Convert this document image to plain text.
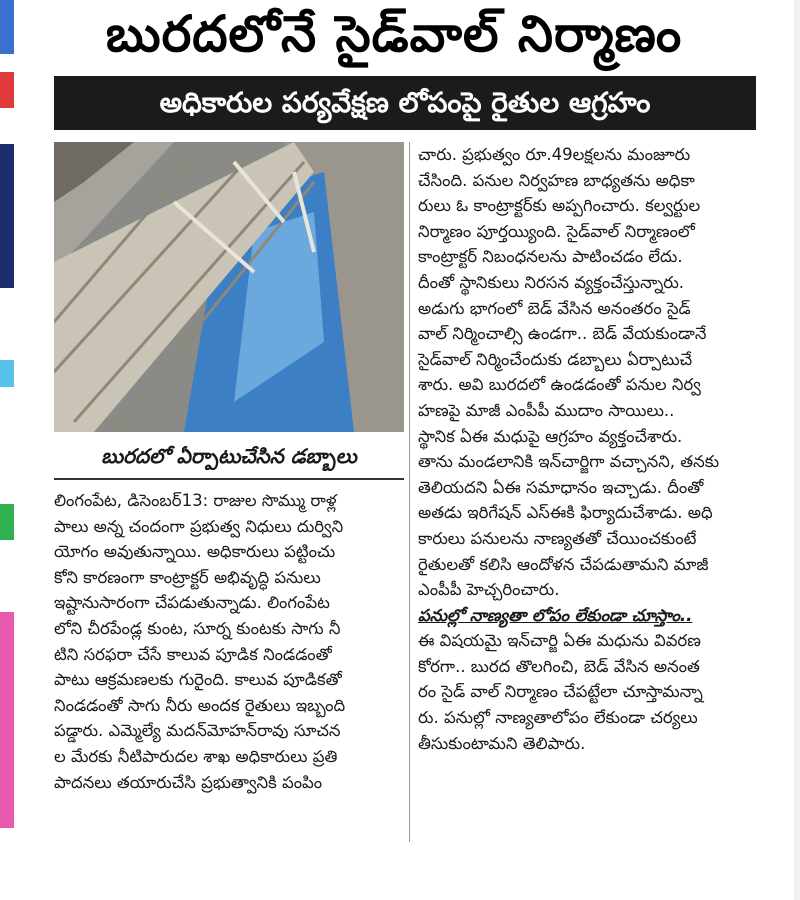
బురదలోనే సైడ్‌వాల్ నిర్మాణం
అధికారుల పర్యవేక్షణ లోపంపై రైతుల ఆగ్రహం
బురదలో ఏర్పాటుచేసిన డబ్బాలు
లింగంపేట, డిసెంబర్13: రాజుల సొమ్ము రాళ్ల
పాలు అన్న చందంగా ప్రభుత్వ నిధులు దుర్విని
యోగం అవుతున్నాయి. అధికారులు పట్టించు
కోని కారణంగా కాంట్రాక్టర్ అభివృద్ధి పనులు
ఇష్టానుసారంగా చేపడుతున్నాడు. లింగంపేట
లోని చీరపేండ్ల కుంట, సూర్న కుంటకు సాగు నీ
టిని సరఫరా చేసే కాలువ పూడిక నిండడంతో
పాటు ఆక్రమణలకు గురైంది. కాలువ పూడికతో
నిండడంతో సాగు నీరు అందక రైతులు ఇబ్బంది
పడ్డారు. ఎమ్మెల్యే మదన్‌మోహన్‌రావు సూచన
ల మేరకు నీటిపారుదల శాఖ అధికారులు ప్రతి
పాదనలు తయారుచేసి ప్రభుత్వానికి పంపిం
చారు. ప్రభుత్వం రూ.49లక్షలను మంజూరు
చేసింది. పనుల నిర్వహణ బాధ్యతను అధికా
రులు ఓ కాంట్రాక్టర్‌కు అప్పగించారు. కల్వర్టుల
నిర్మాణం పూర్తయ్యింది. సైడ్‌వాల్ నిర్మాణంలో
కాంట్రాక్టర్ నిబంధనలను పాటించడం లేదు.
దీంతో స్థానికులు నిరసన వ్యక్తంచేస్తున్నారు.
అడుగు భాగంలో బెడ్ వేసిన అనంతరం సైడ్
వాల్ నిర్మించాల్సి ఉండగా.. బెడ్ వేయకుండానే
సైడ్‌వాల్ నిర్మించేందుకు డబ్బాలు ఏర్పాటుచే
శారు. అవి బురదలో ఉండడంతో పనుల నిర్వ
హణపై మాజీ ఎంపీపీ ముదాం సాయిలు..
స్థానిక ఏఈ మధుపై ఆగ్రహం వ్యక్తంచేశారు.
తాను మండలానికి ఇన్‌చార్జిగా వచ్చానని, తనకు
తెలియదని ఏఈ సమాధానం ఇచ్చాడు. దీంతో
అతడు ఇరిగేషన్ ఎస్‌ఈకి ఫిర్యాదుచేశాడు. అధి
కారులు పనులను నాణ్యతతో చేయించకుంటే
రైతులతో కలిసి ఆందోళన చేపడుతామని మాజీ
ఎంపీపీ హెచ్చరించారు.
పనుల్లో నాణ్యతా లోపం లేకుండా చూస్తాం..
ఈ విషయమై ఇన్‌చార్జి ఏఈ మధును వివరణ
కోరగా.. బురద తొలగించి, బెడ్ వేసిన అనంత
రం సైడ్ వాల్ నిర్మాణం చేపట్టేలా చూస్తామన్నా
రు. పనుల్లో నాణ్యతాలోపం లేకుండా చర్యలు
తీసుకుంటామని తెలిపారు.
